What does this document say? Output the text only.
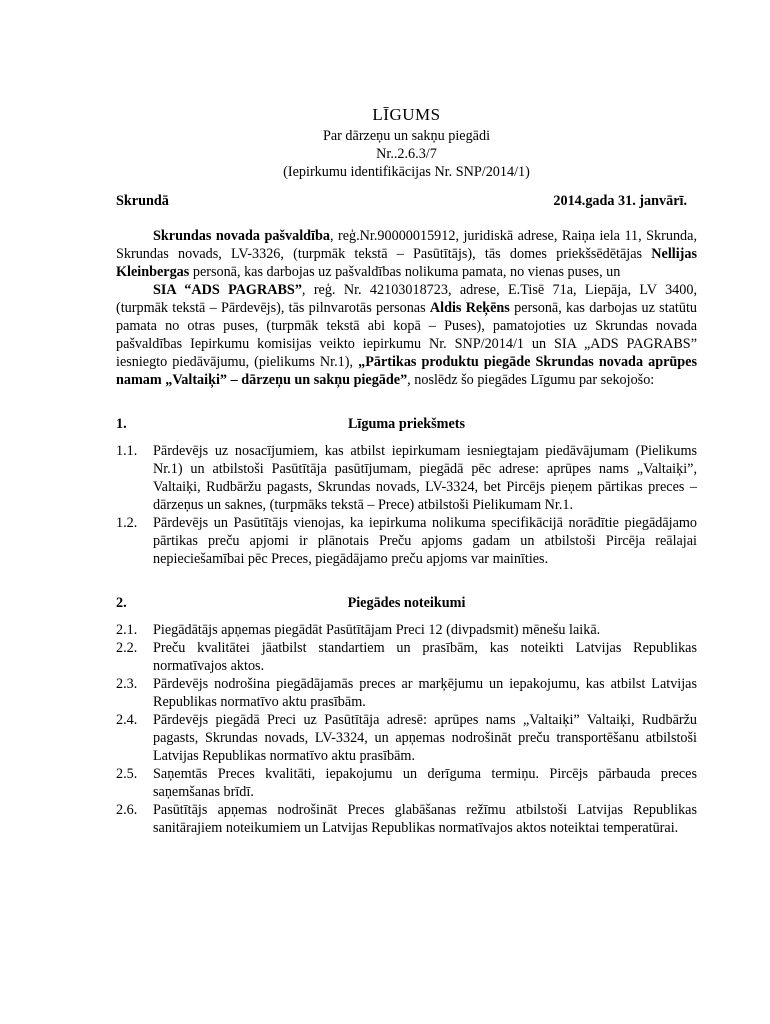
LĪGUMS
Par dārzeņu un sakņu piegādi
Nr..2.6.3/7
(Iepirkumu identifikācijas Nr. SNP/2014/1)
Skrundā	2014.gada 31. janvārī.

Skrundas novada pašvaldība, reģ.Nr.90000015912, juridiskā adrese, Raiņa iela 11, Skrunda, Skrundas novads, LV-3326, (turpmāk tekstā – Pasūtītājs), tās domes priekšsēdētājas Nellijas Kleinbergas personā, kas darbojas uz pašvaldības nolikuma pamata, no vienas puses, un

SIA “ADS PAGRABS”, reģ. Nr. 42103018723, adrese, E.Tisē 71a, Liepāja, LV 3400, (turpmāk tekstā – Pārdevējs), tās pilnvarotās personas Aldis Reķēns personā, kas darbojas uz statūtu pamata no otras puses, (turpmāk tekstā abi kopā – Puses), pamatojoties uz Skrundas novada pašvaldības Iepirkumu komisijas veikto iepirkumu Nr. SNP/2014/1 un SIA „ADS PAGRABS” iesniegto piedāvājumu, (pielikums Nr.1), „Pārtikas produktu piegāde Skrundas novada aprūpes namam „Valtaiķi” – dārzeņu un sakņu piegāde”, noslēdz šo piegādes Līgumu par sekojošo:

1.	Līguma priekšmets
1.1.	Pārdevējs uz nosacījumiem, kas atbilst iepirkumam iesniegtajam piedāvājumam (Pielikums Nr.1) un atbilstoši Pasūtītāja pasūtījumam, piegādā pēc adrese: aprūpes nams „Valtaiķi”, Valtaiķi, Rudbāržu pagasts, Skrundas novads, LV-3324, bet Pircējs pieņem pārtikas preces – dārzeņus un saknes, (turpmāks tekstā – Prece) atbilstoši Pielikumam Nr.1.
1.2.	Pārdevējs un Pasūtītājs vienojas, ka iepirkuma nolikuma specifikācijā norādītie piegādājamo pārtikas preču apjomi ir plānotais Preču apjoms gadam un atbilstoši Pircēja reālajai nepieciešamībai pēc Preces, piegādājamo preču apjoms var mainīties.
2.	Piegādes noteikumi
2.1.	Piegādātājs apņemas piegādāt Pasūtītājam Preci 12 (divpadsmit) mēnešu laikā.
2.2.	Preču kvalitātei jāatbilst standartiem un prasībām, kas noteikti Latvijas Republikas normatīvajos aktos.
2.3.	Pārdevējs nodrošina piegādājamās preces ar marķējumu un iepakojumu, kas atbilst Latvijas Republikas normatīvo aktu prasībām.
2.4.	Pārdevējs piegādā Preci uz Pasūtītāja adresē: aprūpes nams „Valtaiķi” Valtaiķi, Rudbāržu pagasts, Skrundas novads, LV-3324, un apņemas nodrošināt preču transportēšanu atbilstoši Latvijas Republikas normatīvo aktu prasībām.
2.5.	Saņemtās Preces kvalitāti, iepakojumu un derīguma termiņu. Pircējs pārbauda preces saņemšanas brīdī.
2.6.	Pasūtītājs apņemas nodrošināt Preces glabāšanas režīmu atbilstoši Latvijas Republikas sanitārajiem noteikumiem un Latvijas Republikas normatīvajos aktos noteiktai temperatūrai.
